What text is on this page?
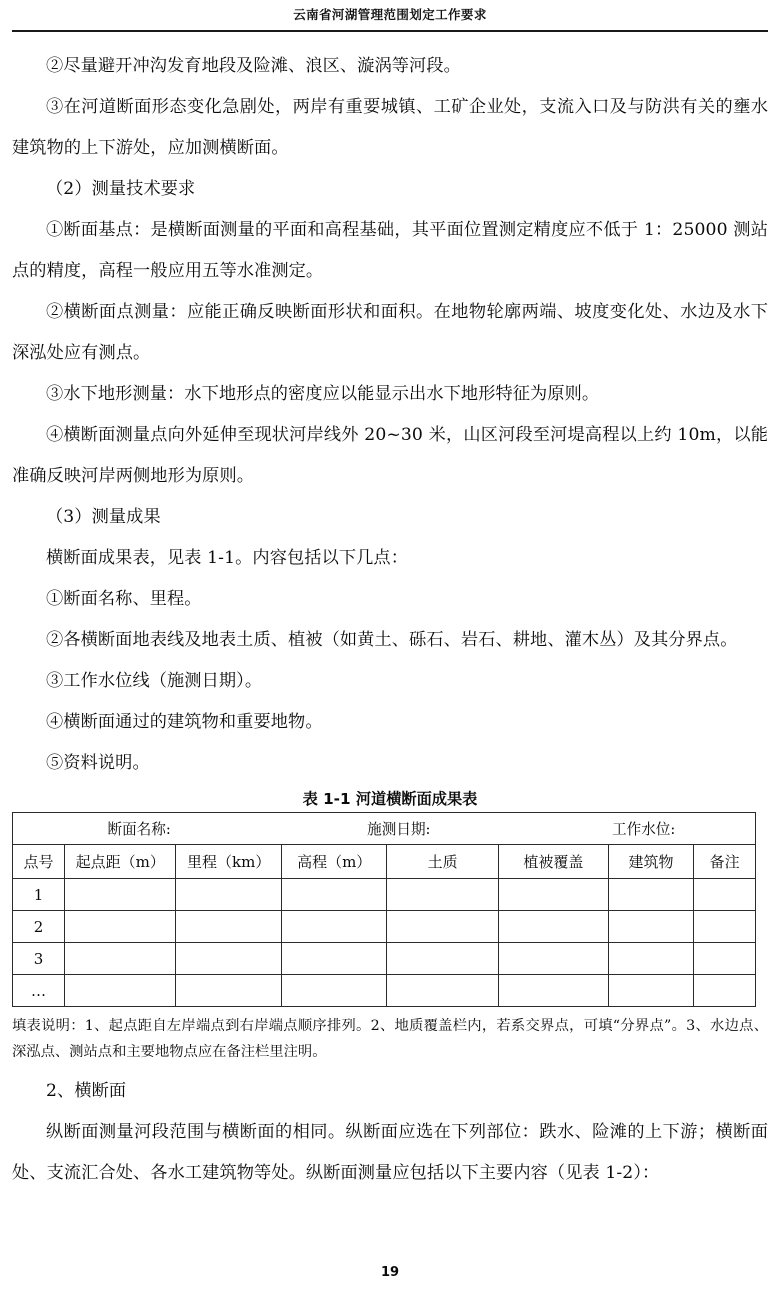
云南省河湖管理范围划定工作要求

②尽量避开冲沟发育地段及险滩、浪区、漩涡等河段。

③在河道断面形态变化急剧处，两岸有重要城镇、工矿企业处，支流入口及与防洪有关的壅水建筑物的上下游处，应加测横断面。

（2）测量技术要求

①断面基点：是横断面测量的平面和高程基础，其平面位置测定精度应不低于 1：25000 测站点的精度，高程一般应用五等水准测定。

②横断面点测量：应能正确反映断面形状和面积。在地物轮廓两端、坡度变化处、水边及水下深泓处应有测点。

③水下地形测量：水下地形点的密度应以能显示出水下地形特征为原则。

④横断面测量点向外延伸至现状河岸线外 20~30 米，山区河段至河堤高程以上约 10m，以能准确反映河岸两侧地形为原则。

（3）测量成果

横断面成果表，见表 1-1。内容包括以下几点：

①断面名称、里程。

②各横断面地表线及地表土质、植被（如黄土、砾石、岩石、耕地、灌木丛）及其分界点。

③工作水位线（施测日期）。

④横断面通过的建筑物和重要地物。

⑤资料说明。

表 1-1 河道横断面成果表
断面名称: 施测日期: 工作水位:							

点号	起点距（m）	里程（km）	高程（m）	土质	植被覆盖	建筑物	备注
1							
2							
3							
…							
填表说明：1、起点距自左岸端点到右岸端点顺序排列。2、地质覆盖栏内，若系交界点，可填“分界点”。3、水边点、深泓点、测站点和主要地物点应在备注栏里注明。

2、横断面

纵断面测量河段范围与横断面的相同。纵断面应选在下列部位：跌水、险滩的上下游；横断面处、支流汇合处、各水工建筑物等处。纵断面测量应包括以下主要内容（见表 1-2）：

19
